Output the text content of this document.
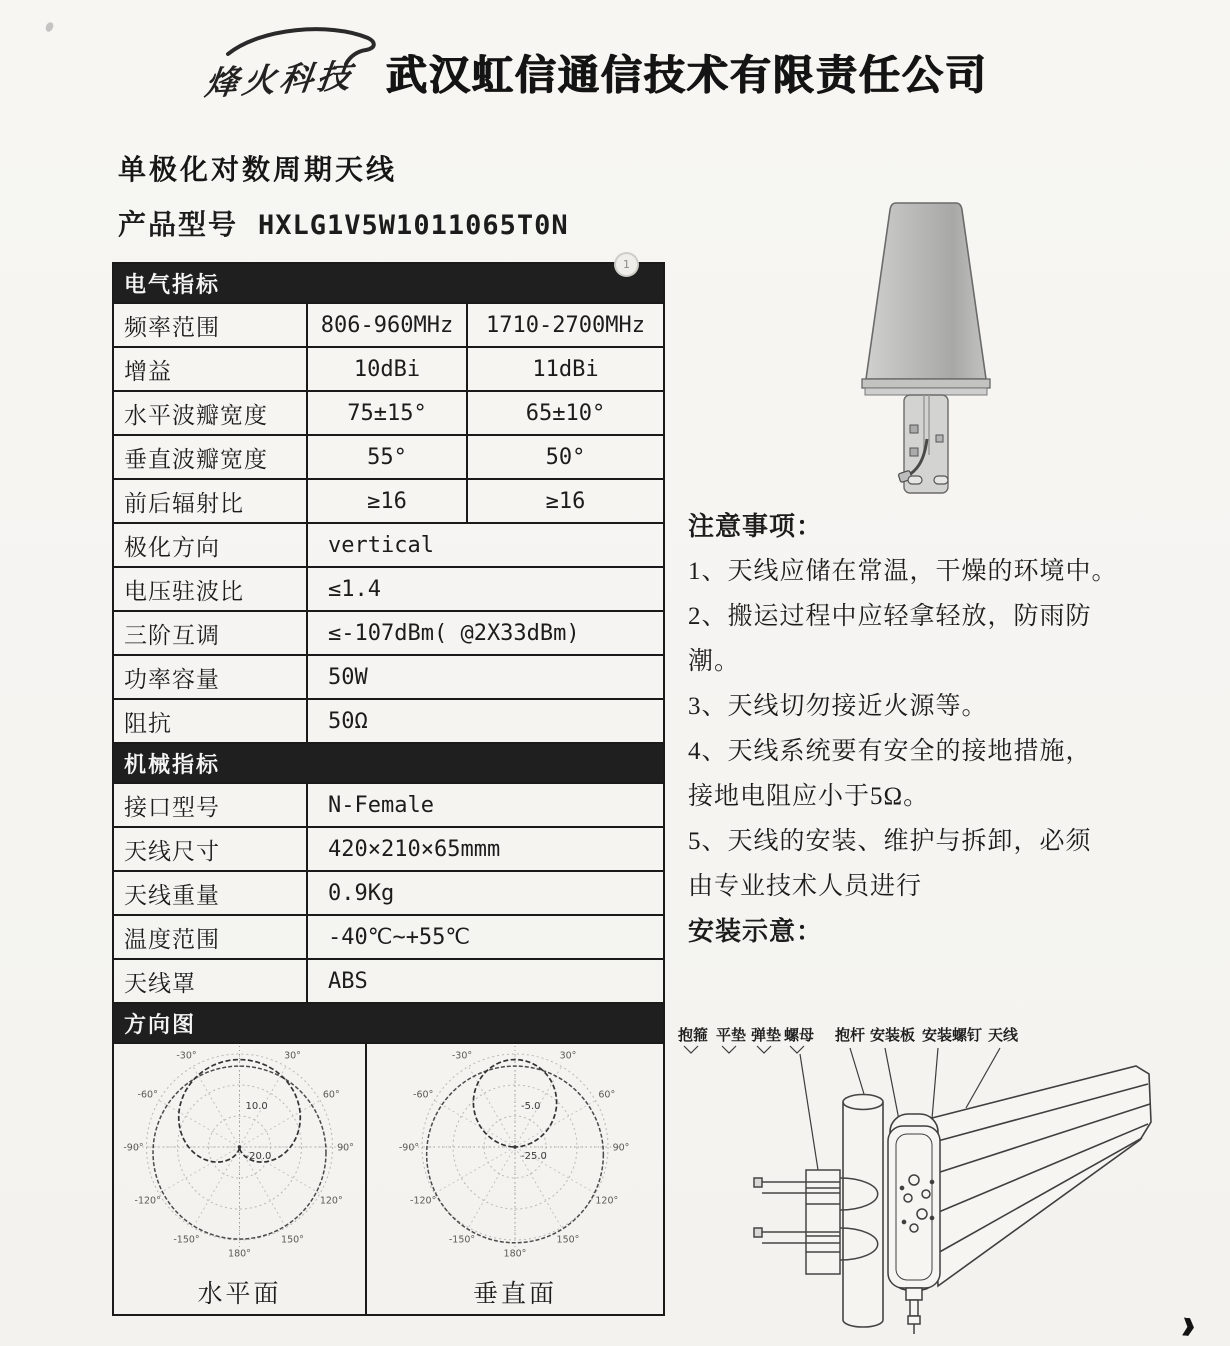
烽火科技 武汉虹信通信技术有限责任公司
单极化对数周期天线
产品型号 HXLG1V5W1011065T0N
电气指标		
频率范围	806-960MHz	1710-2700MHz
增益	10dBi	11dBi
水平波瓣宽度	75±15°	65±10°
垂直波瓣宽度	55°	50°
前后辐射比	≥16	≥16
极化方向	vertical	
电压驻波比	≤1.4	
三阶互调	≤-107dBm( @2X33dBm)	
功率容量	50W	
阻抗	50Ω	
机械指标		
接口型号	N-Female	
天线尺寸	420×210×65mmm	
天线重量	0.9Kg	
温度范围	-40℃~+55℃	
天线罩	ABS	
方向图		

-30°	30°
-60°	60°
-90°	90°
-120°	120°
-150°	150°
180°
10.0
-20.0
水平面
-30°	30°
-60°	60°
-90°	90°
-120°	120°
-150°	150°
180°
-5.0
-25.0
垂直面
注意事项：
1、天线应储在常温，干燥的环境中。
2、搬运过程中应轻拿轻放，防雨防
潮。
3、天线切勿接近火源等。
4、天线系统要有安全的接地措施，
接地电阻应小于5Ω。
5、天线的安装、维护与拆卸，必须
由专业技术人员进行
安装示意：
抱箍 平垫 弹垫 螺母 抱杆 安装板 安装螺钉 天线
1
